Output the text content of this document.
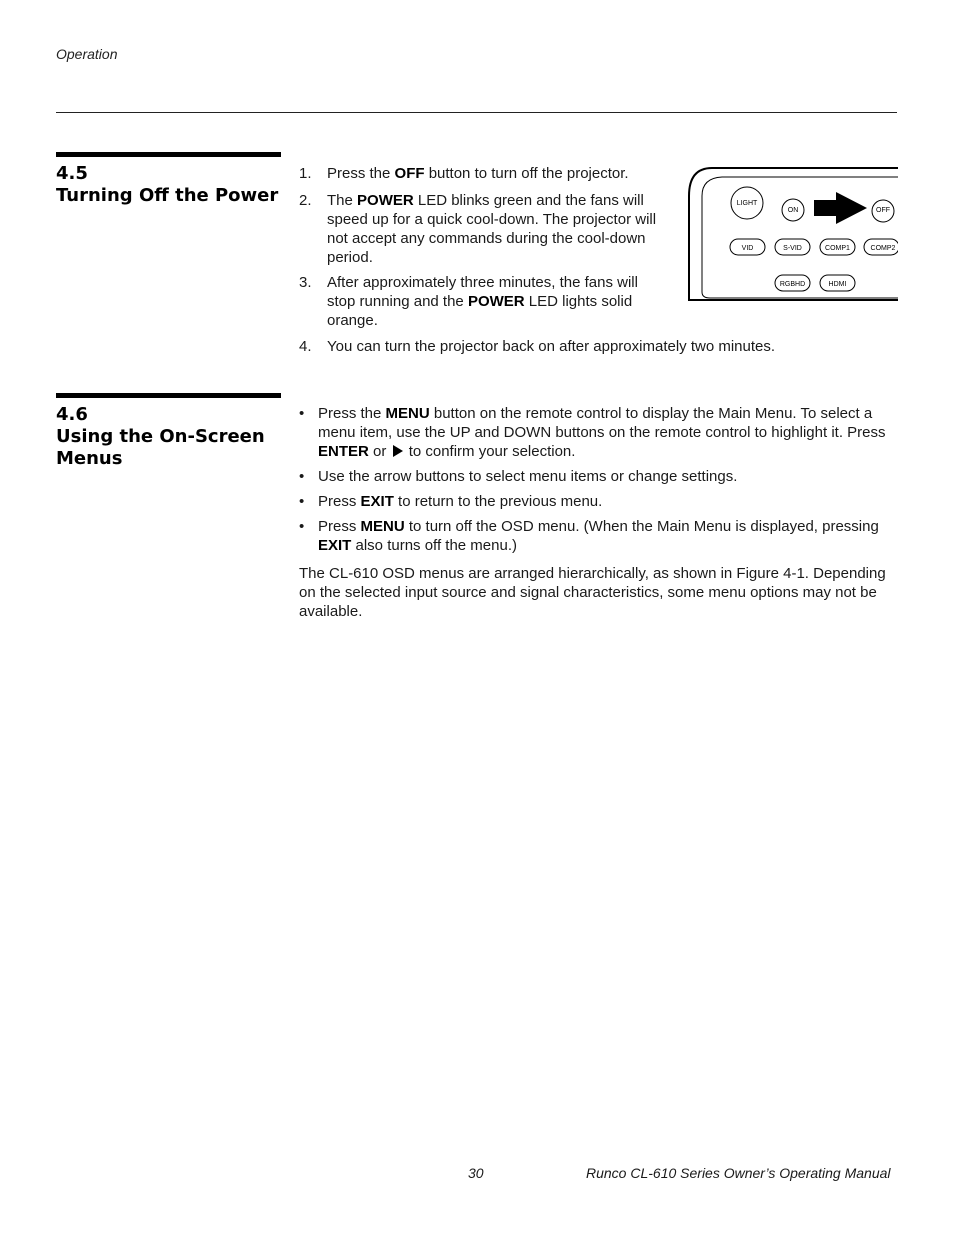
Operation
4.5
Turning Off the Power
1. Press the OFF button to turn off the projector.
2. The POWER LED blinks green and the fans will
speed up for a quick cool-down. The projector will
not accept any commands during the cool-down
period.
3. After approximately three minutes, the fans will
stop running and the POWER LED lights solid
orange.
4. You can turn the projector back on after approximately two minutes.
LIGHT
ON	OFF
VID	S-VID	COMP1	COMP2
RGBHD	HDMI
4.6
Using the On-Screen
Menus
• Press the MENU button on the remote control to display the Main Menu. To select a
menu item, use the UP and DOWN buttons on the remote control to highlight it. Press
ENTER or  to confirm your selection.
• Use the arrow buttons to select menu items or change settings.
• Press EXIT to return to the previous menu.
• Press MENU to turn off the OSD menu. (When the Main Menu is displayed, pressing
EXIT also turns off the menu.)
The CL-610 OSD menus are arranged hierarchically, as shown in Figure 4-1. Depending
on the selected input source and signal characteristics, some menu options may not be
available.
30	Runco CL-610 Series Owner’s Operating Manual
